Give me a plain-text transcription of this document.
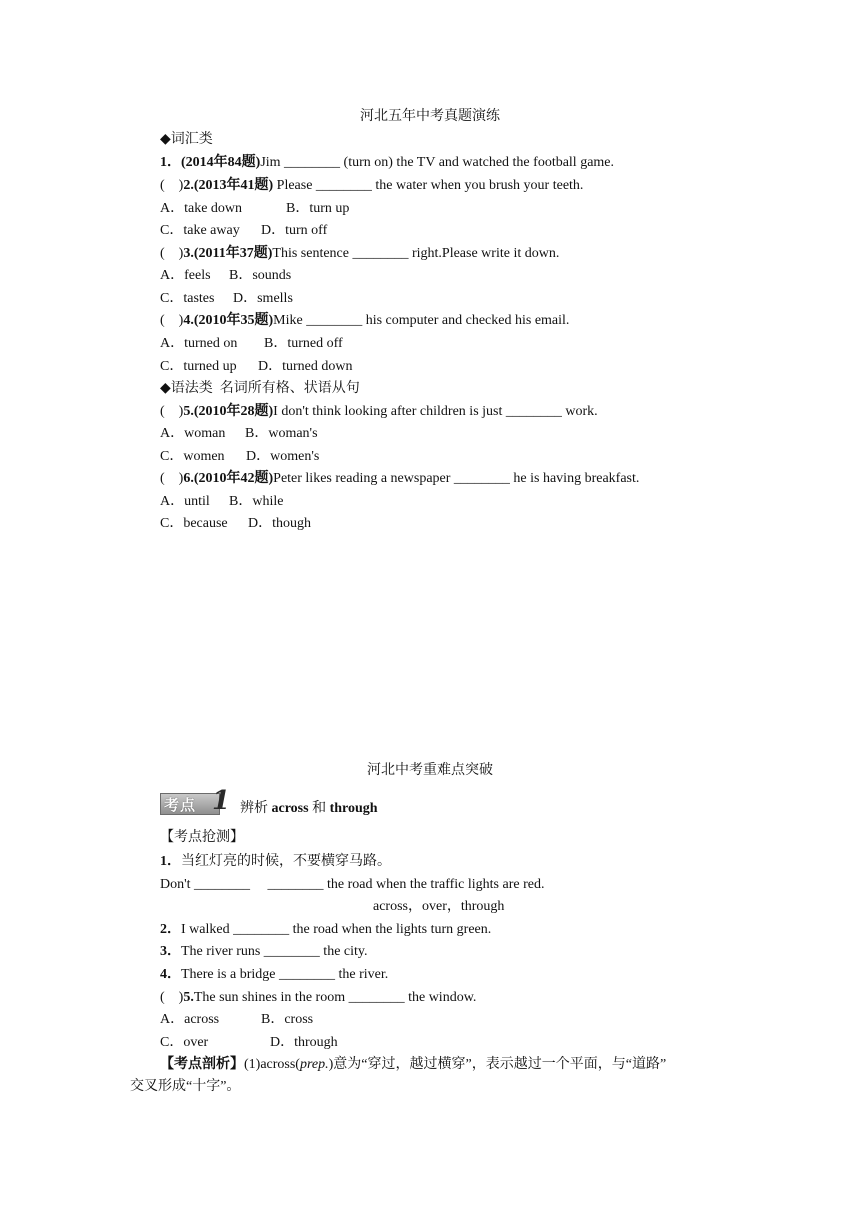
河北五年中考真题演练
◆词汇类
1．(2014年84题)Jim ________ (turn on) the TV and watched the football game.
(　)2.(2013年41题) Please ________ the water when you brush your teeth.
A．take down	B．turn up
C．take away D．turn off
(　)3.(2011年37题)This sentence ________ right.Please write it down.
A．feels B．sounds
C．tastes D．smells
(　)4.(2010年35题)Mike ________ his computer and checked his email.
A．turned on B．turned off
C．turned up D．turned down
◆语法类  名词所有格、状语从句
(　)5.(2010年28题)I don't think looking after children is just ________ work.
A．woman B．woman's
C．women D．women's
(　)6.(2010年42题)Peter likes reading a newspaper ________ he is having breakfast.
A．until B．while
C．because D．though
河北中考重难点突破
考点 1 辨析 across 和 through
【考点抢测】
1．当红灯亮的时候，不要横穿马路。
Don't ________　 ________ the road when the traffic lights are red.
across，over，through
2．I walked ________ the road when the lights turn green.
3．The river runs ________ the city.
4．There is a bridge ________ the river.
(　)5.The sun shines in the room ________ the window.
A．across	B．cross
C．over	D．through
【考点剖析】(1)across(prep.)意为“穿过，越过横穿”，表示越过一个平面，与“道路”
交叉形成“十字”。
